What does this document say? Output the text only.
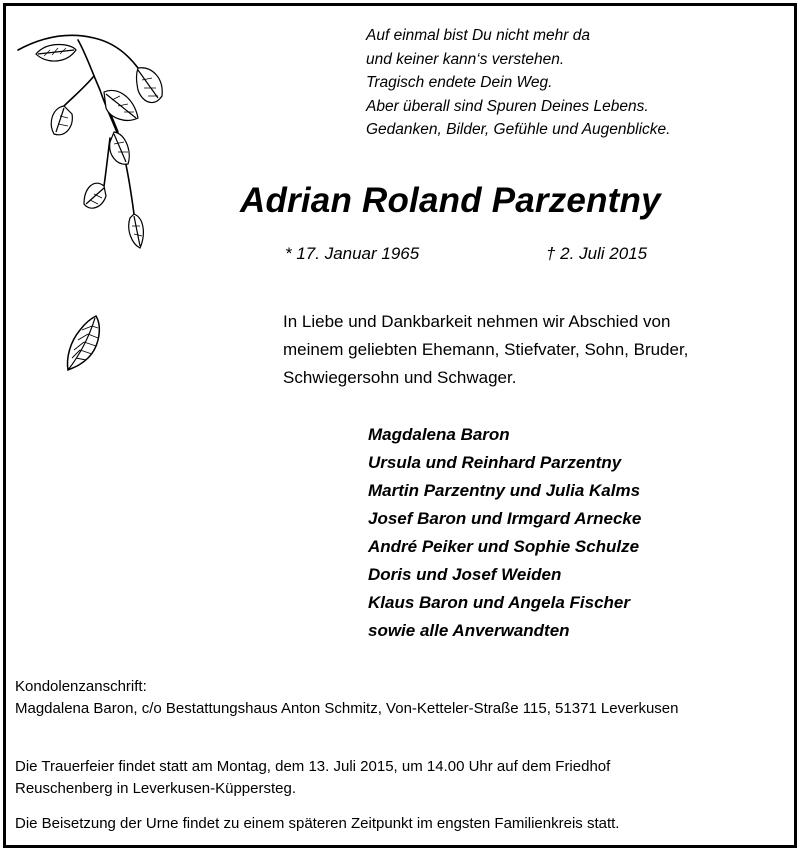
Auf einmal bist Du nicht mehr da
und keiner kann‘s verstehen.
Tragisch endete Dein Weg.
Aber überall sind Spuren Deines Lebens.
Gedanken, Bilder, Gefühle und Augenblicke.
Adrian Roland Parzentny
* 17. Januar 1965	† 2. Juli 2015
In Liebe und Dankbarkeit nehmen wir Abschied von
meinem geliebten Ehemann, Stiefvater, Sohn, Bruder,
Schwiegersohn und Schwager.
Magdalena Baron
Ursula und Reinhard Parzentny
Martin Parzentny und Julia Kalms
Josef Baron und Irmgard Arnecke
André Peiker und Sophie Schulze
Doris und Josef Weiden
Klaus Baron und Angela Fischer
sowie alle Anverwandten
Kondolenzanschrift:
Magdalena Baron, c/o Bestattungshaus Anton Schmitz, Von-Ketteler-Straße 115, 51371 Leverkusen
Die Trauerfeier findet statt am Montag, dem 13. Juli 2015, um 14.00 Uhr auf dem Friedhof
Reuschenberg in Leverkusen-Küppersteg.
Die Beisetzung der Urne findet zu einem späteren Zeitpunkt im engsten Familienkreis statt.
